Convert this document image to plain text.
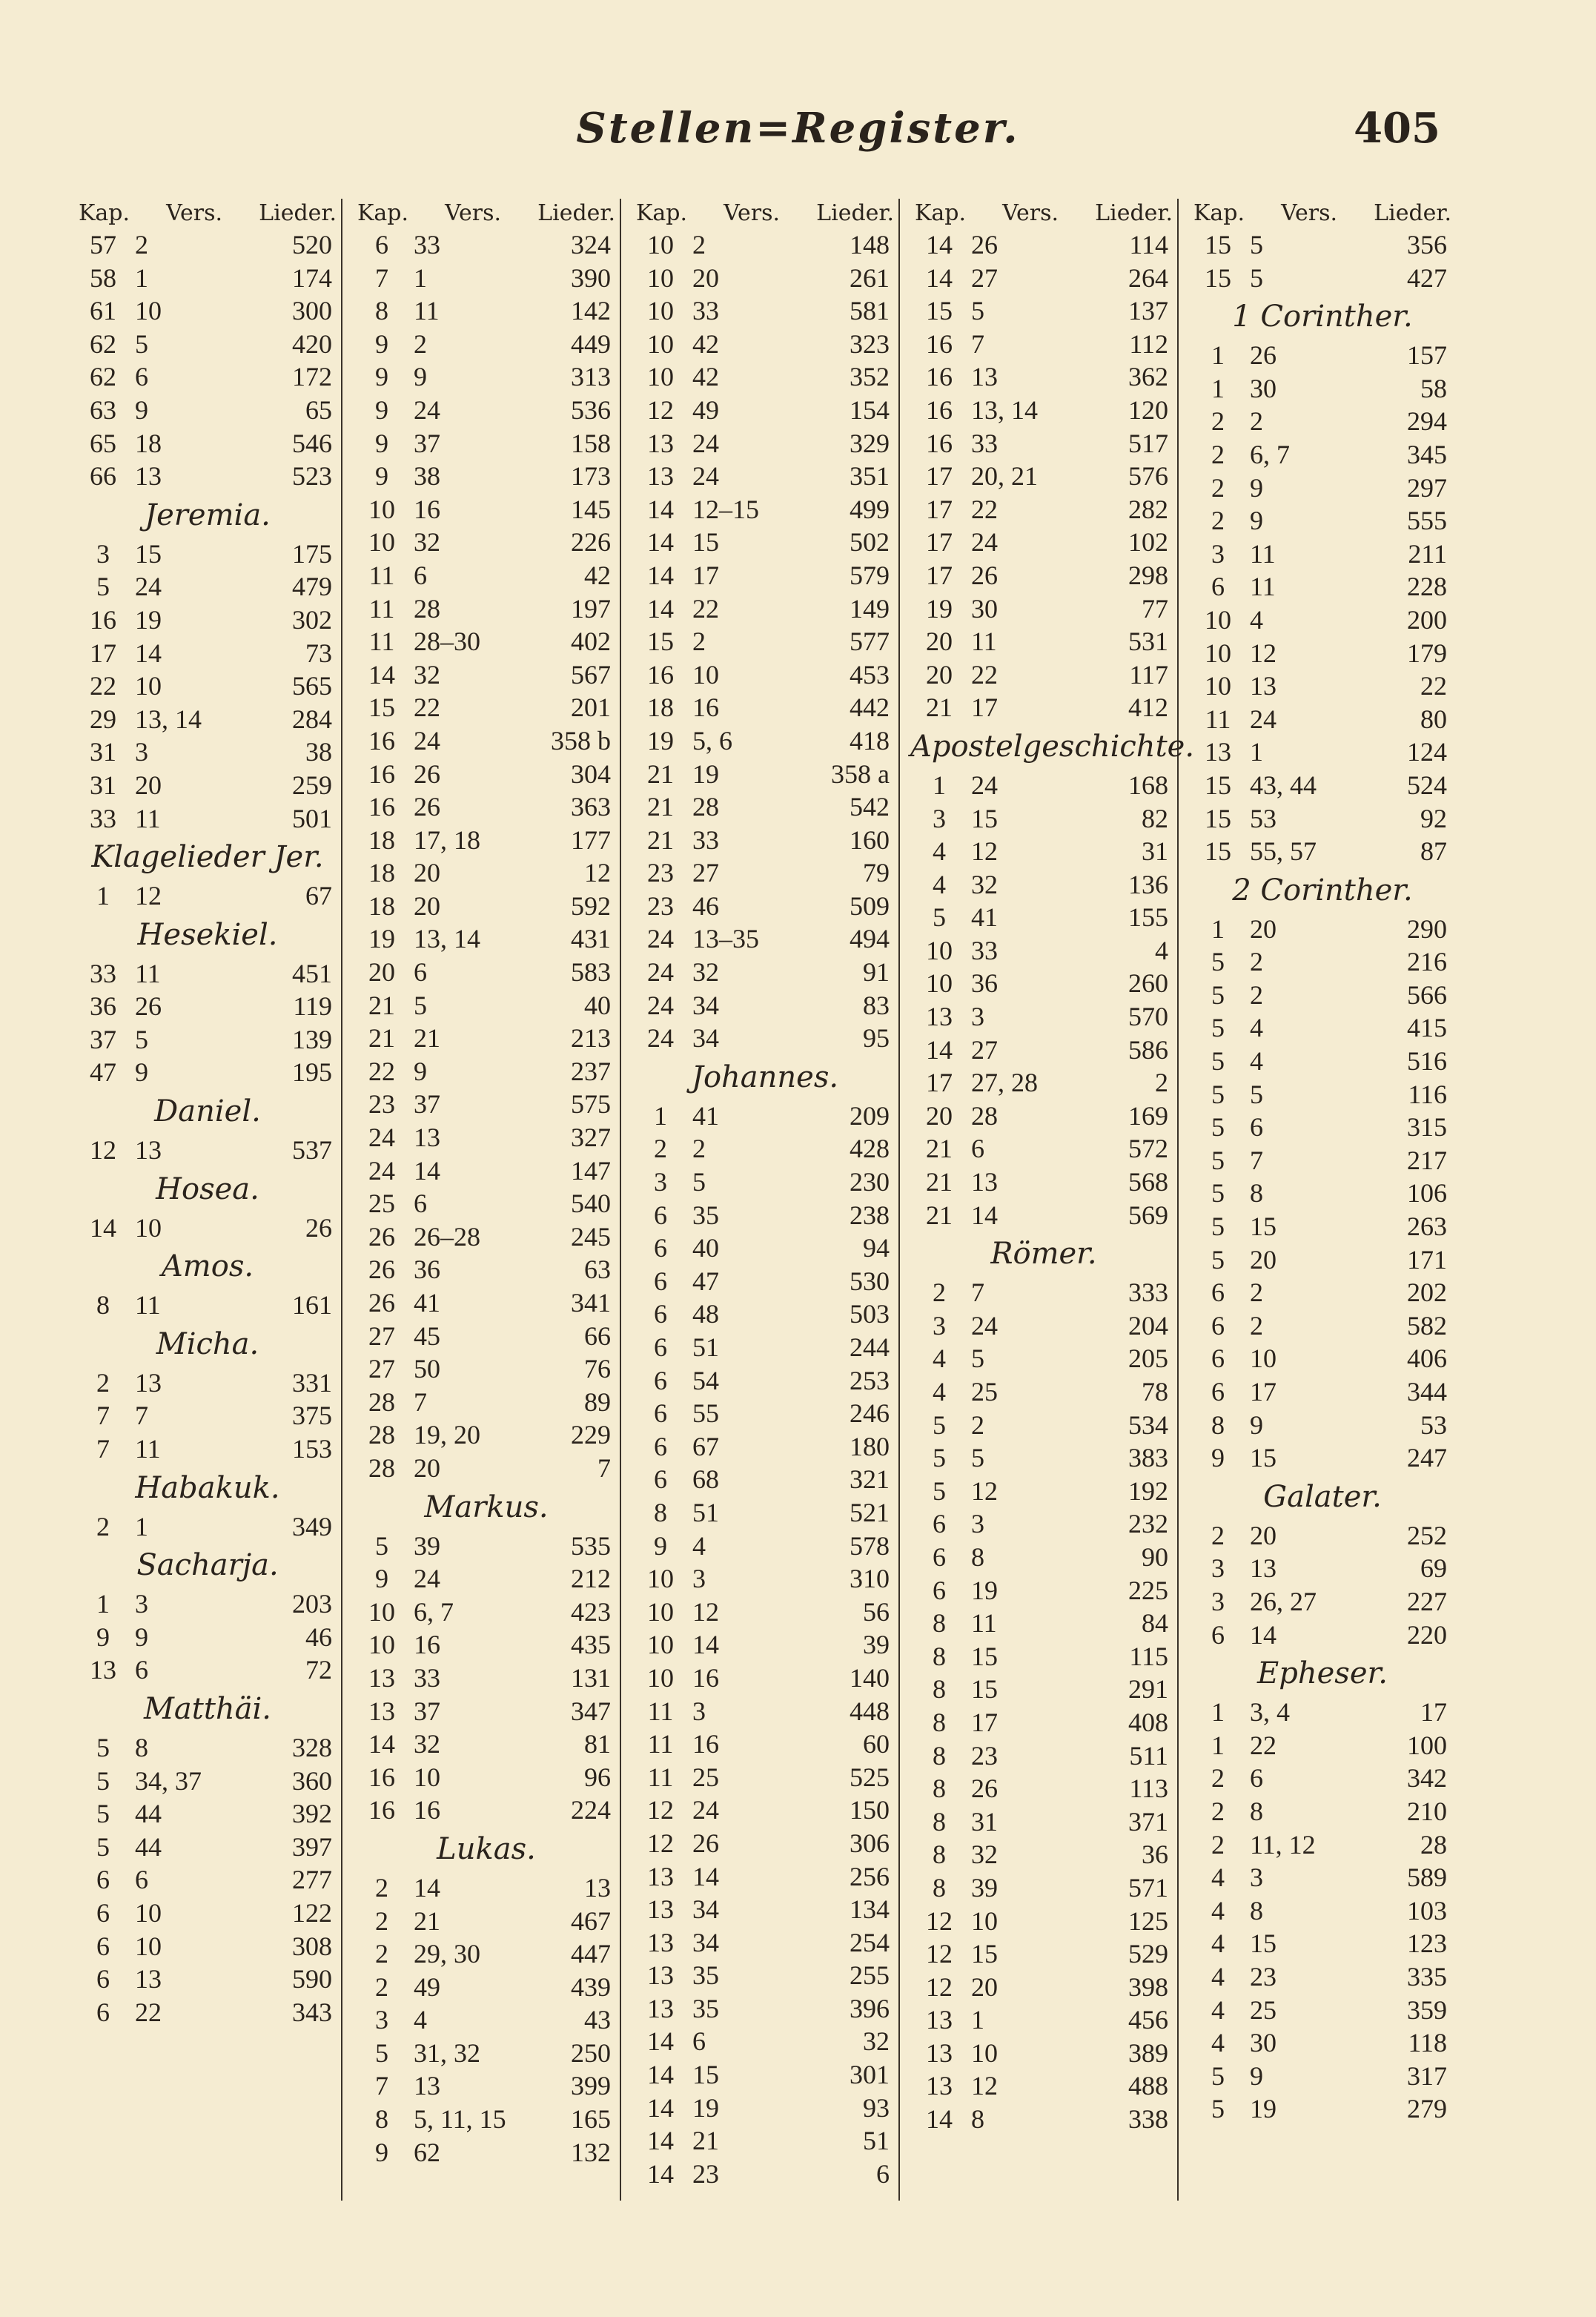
Stellen=Register.	405
Kap. Vers. Lieder.
57 2	520
58 1	174
61 10	300
62 5	420
62 6	172
63 9	65
65 18	546
66 13	523
Jeremia.
3 15	175
5 24	479
16 19	302
17 14	73
22 10	565
29 13, 14	284
31 3	38
31 20	259
33 11	501
Klagelieder Jer.
1 12	67
Hesekiel.
33 11	451
36 26	119
37 5	139
47 9	195
Daniel.
12 13	537
Hosea.
14 10	26
Amos.
8 11	161
Micha.
2 13	331
7 7	375
7 11	153
Habakuk.
2 1	349
Sacharja.
1 3	203
9 9	46
13 6	72
Matthäi.
5 8	328
5 34, 37	360
5 44	392
5 44	397
6 6	277
6 10	122
6 10	308
6 13	590
6 22	343
Kap. Vers. Lieder.
6 33	324
7 1	390
8 11	142
9 2	449
9 9	313
9 24	536
9 37	158
9 38	173
10 16	145
10 32	226
11 6	42
11 28	197
11 28–30	402
14 32	567
15 22	201
16 24	358 b
16 26	304
16 26	363
18 17, 18	177
18 20	12
18 20	592
19 13, 14	431
20 6	583
21 5	40
21 21	213
22 9	237
23 37	575
24 13	327
24 14	147
25 6	540
26 26–28	245
26 36	63
26 41	341
27 45	66
27 50	76
28 7	89
28 19, 20	229
28 20	7
Markus.
5 39	535
9 24	212
10 6, 7	423
10 16	435
13 33	131
13 37	347
14 32	81
16 10	96
16 16	224
Lukas.
2 14	13
2 21	467
2 29, 30	447
2 49	439
3 4	43
5 31, 32	250
7 13	399
8 5, 11, 15	165
9 62	132
Kap. Vers. Lieder.
10 2	148
10 20	261
10 33	581
10 42	323
10 42	352
12 49	154
13 24	329
13 24	351
14 12–15	499
14 15	502
14 17	579
14 22	149
15 2	577
16 10	453
18 16	442
19 5, 6	418
21 19	358 a
21 28	542
21 33	160
23 27	79
23 46	509
24 13–35	494
24 32	91
24 34	83
24 34	95
Johannes.
1 41	209
2 2	428
3 5	230
6 35	238
6 40	94
6 47	530
6 48	503
6 51	244
6 54	253
6 55	246
6 67	180
6 68	321
8 51	521
9 4	578
10 3	310
10 12	56
10 14	39
10 16	140
11 3	448
11 16	60
11 25	525
12 24	150
12 26	306
13 14	256
13 34	134
13 34	254
13 35	255
13 35	396
14 6	32
14 15	301
14 19	93
14 21	51
14 23	6
Kap. Vers. Lieder.
14 26	114
14 27	264
15 5	137
16 7	112
16 13	362
16 13, 14	120
16 33	517
17 20, 21	576
17 22	282
17 24	102
17 26	298
19 30	77
20 11	531
20 22	117
21 17	412
Apostelgeschichte.
1 24	168
3 15	82
4 12	31
4 32	136
5 41	155
10 33	4
10 36	260
13 3	570
14 27	586
17 27, 28	2
20 28	169
21 6	572
21 13	568
21 14	569
Römer.
2 7	333
3 24	204
4 5	205
4 25	78
5 2	534
5 5	383
5 12	192
6 3	232
6 8	90
6 19	225
8 11	84
8 15	115
8 15	291
8 17	408
8 23	511
8 26	113
8 31	371
8 32	36
8 39	571
12 10	125
12 15	529
12 20	398
13 1	456
13 10	389
13 12	488
14 8	338
Kap. Vers. Lieder.
15 5	356
15 5	427
1 Corinther.
1 26	157
1 30	58
2 2	294
2 6, 7	345
2 9	297
2 9	555
3 11	211
6 11	228
10 4	200
10 12	179
10 13	22
11 24	80
13 1	124
15 43, 44	524
15 53	92
15 55, 57	87
2 Corinther.
1 20	290
5 2	216
5 2	566
5 4	415
5 4	516
5 5	116
5 6	315
5 7	217
5 8	106
5 15	263
5 20	171
6 2	202
6 2	582
6 10	406
6 17	344
8 9	53
9 15	247
Galater.
2 20	252
3 13	69
3 26, 27	227
6 14	220
Epheser.
1 3, 4	17
1 22	100
2 6	342
2 8	210
2 11, 12	28
4 3	589
4 8	103
4 15	123
4 23	335
4 25	359
4 30	118
5 9	317
5 19	279
